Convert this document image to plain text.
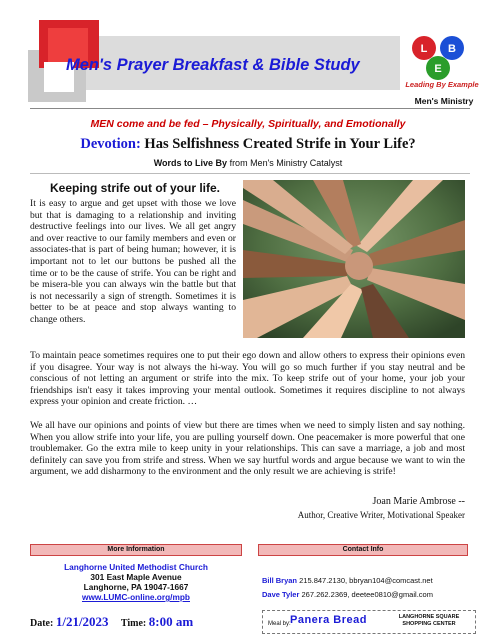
Men's Prayer Breakfast & Bible Study
L B
E
Leading By Example
Men's Ministry
MEN come and be fed – Physically, Spiritually, and Emotionally
Devotion: Has Selfishness Created Strife in Your Life?
Words to Live By from Men's Ministry Catalyst
Keeping strife out of your life.
It is easy to argue and get upset with those we love but that is damaging to a relationship and inviting destructive feelings into our lives. We all get angry and over reactive to our family members and even or associates-that is part of being human; however, it is important not to let our buttons be pushed all the time or to be the cause of strife. You can be right and be misera-ble you can always win the battle but that is not necessarily a sign of strength. Sometimes it is better to be at peace and stop always wanting to change others.
To maintain peace sometimes requires one to put their ego down and allow others to express their opinions even if you disagree. Your way is not always the hi-way. You will go so much further if you stay neutral and be conscious of not letting an argument or strife into the mix. To keep strife out of your home, your job your friendships isn't easy it takes improving your mental outlook. Sometimes it requires discipline to not always express your opinion and create friction. …
We all have our opinions and points of view but there are times when we need to simply listen and say nothing. When you allow strife into your life, you are pulling yourself down. One peacemaker is more powerful that one troublemaker. Go the extra mile to keep unity in your relationships. This can save a marriage, a job and most definitely can save you from strife and stress. When we say hurtful words and argue because we want to win the argument, we add disharmony to the environment and the only result we are achieving is strife!
Joan Marie Ambrose --
Author, Creative Writer, Motivational Speaker
More Information	Contact Info
Langhorne United Methodist Church
301 East Maple Avenue
Langhorne, PA 19047-1667
www.LUMC-online.org/mpb
Bill Bryan 215.847.2130, bbryan104@comcast.net
Dave Tyler 267.262.2369, deetee0810@gmail.com
Date: 1/21/2023 Time: 8:00 am	Meal by: Panera Bread	LANGHORNE SQUARE SHOPPING CENTER
